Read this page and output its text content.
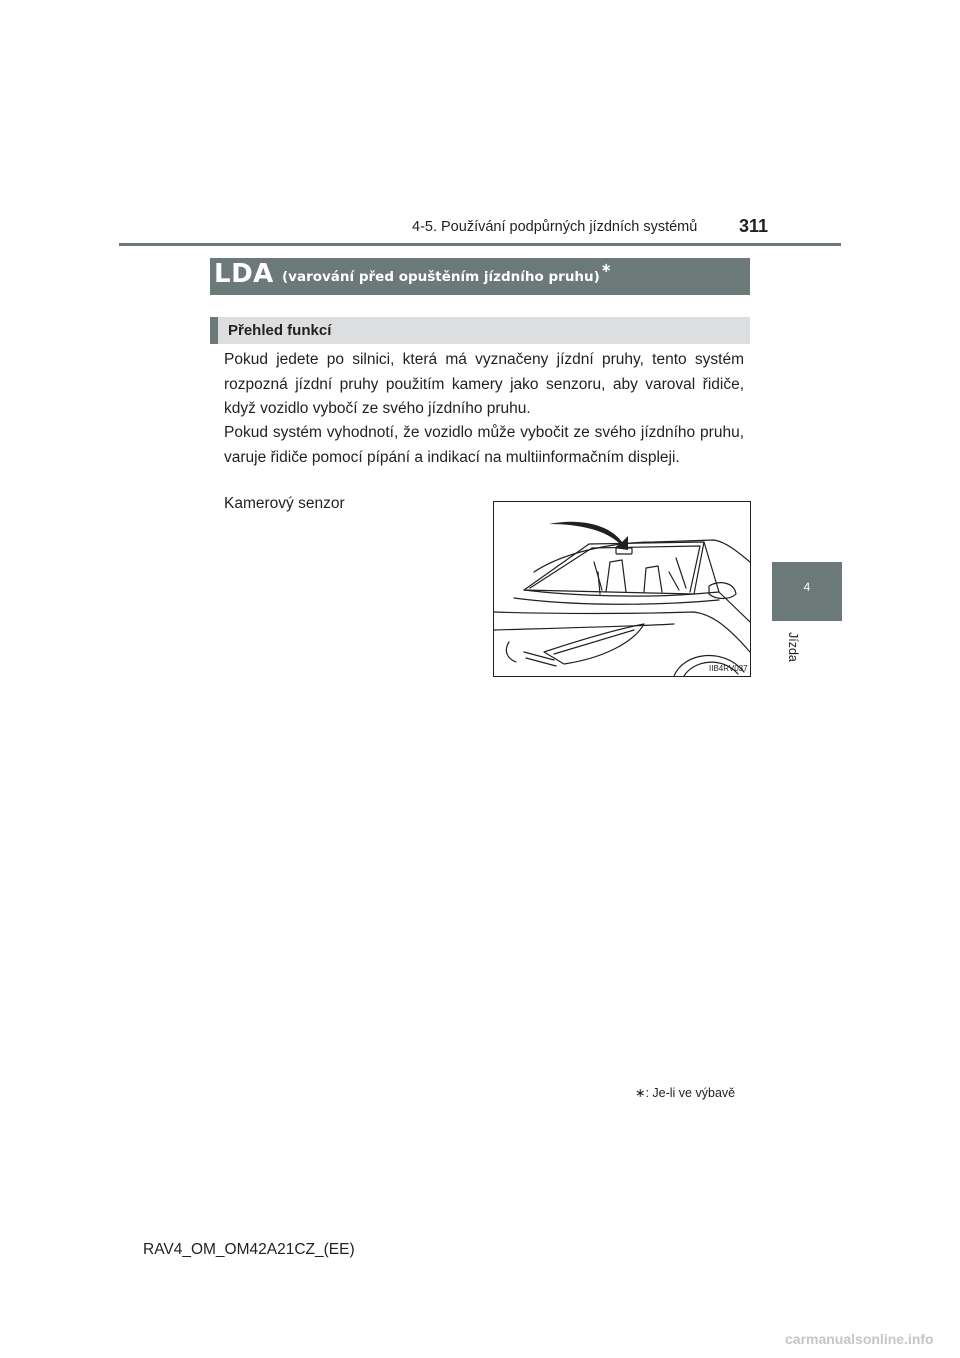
4-5. Používání podpůrných jízdních systémů 311
4
Jízda
LDA (varování před opuštěním jízdního pruhu)∗
Přehled funkcí

Pokud jedete po silnici, která má vyznačeny jízdní pruhy, tento systém rozpozná jízdní pruhy použitím kamery jako senzoru, aby varoval řidiče, když vozidlo vybočí ze svého jízdního pruhu.

Pokud systém vyhodnotí, že vozidlo může vybočit ze svého jízdního pruhu, varuje řidiče pomocí pípání a indikací na multiinformačním displeji.

Kamerový senzor
IIB4RV037
∗: Je-li ve výbavě
RAV4_OM_OM42A21CZ_(EE)
carmanualsonline.info
